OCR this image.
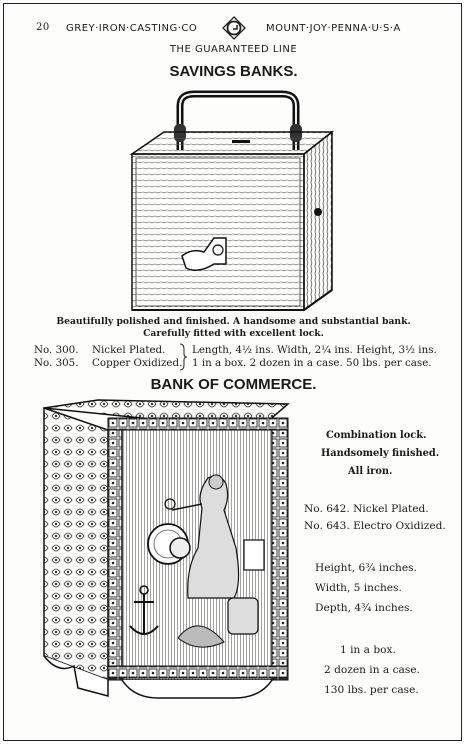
20 GREY·IRON·CASTING·CO	MOUNT·JOY·PENNA·U·S·A
THE GUARANTEED LINE
SAVINGS BANKS.
Beautifully polished and finished. A handsome and substantial bank.
Carefully fitted with excellent lock.
No. 300. Nickel Plated.
No. 305. Copper Oxidized.
Length, 4½ ins. Width, 2¼ ins. Height, 3½ ins.
1 in a box. 2 dozen in a case. 50 lbs. per case.
BANK OF COMMERCE.
Combination lock.
Handsomely finished.
All iron.
No. 642. Nickel Plated.
No. 643. Electro Oxidized.
Height, 6¾ inches.
Width, 5 inches.
Depth, 4¾ inches.
1 in a box.
2 dozen in a case.
130 lbs. per case.
